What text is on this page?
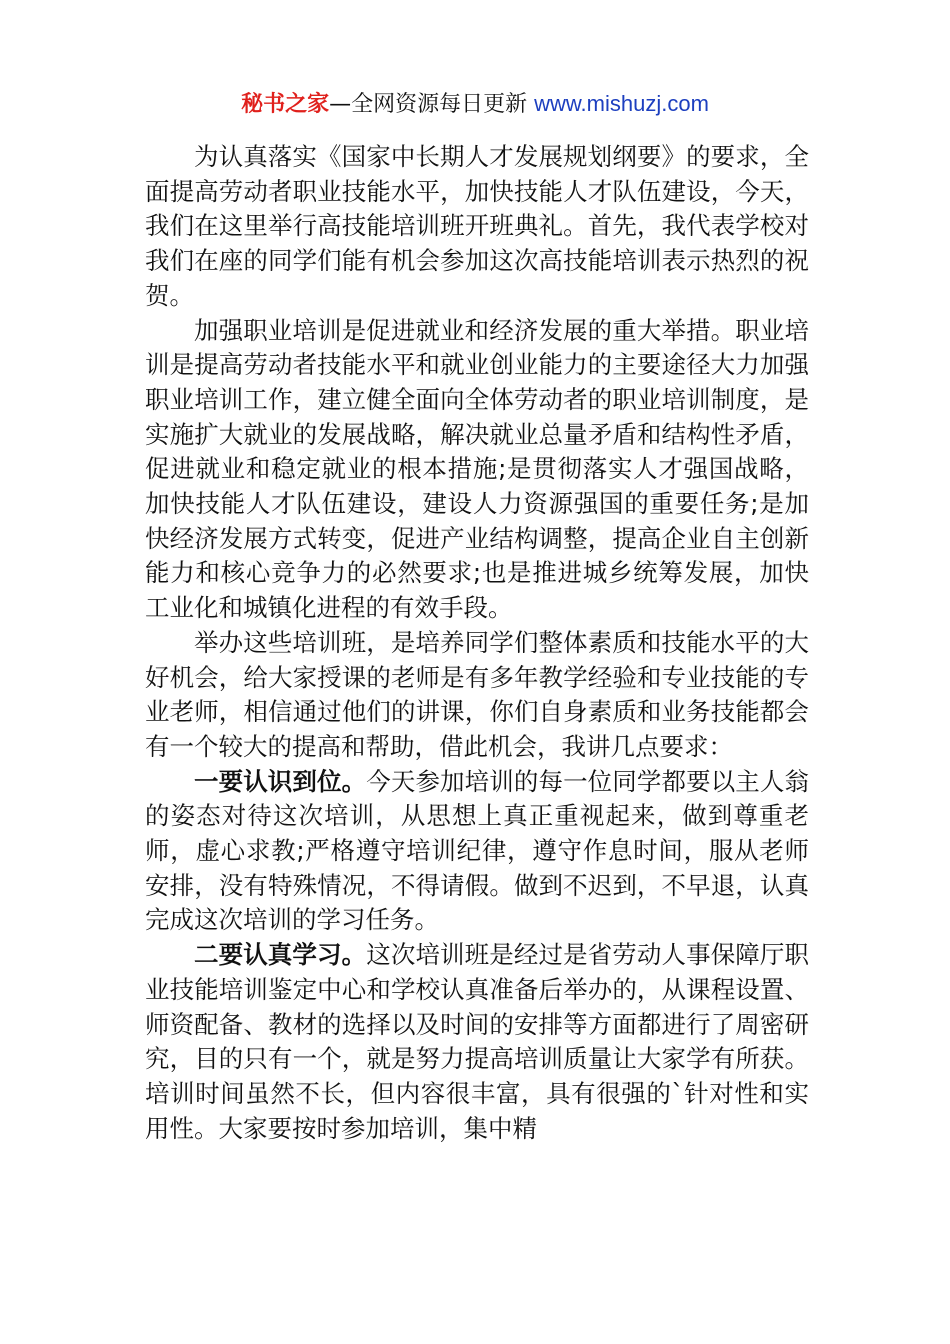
秘书之家—全网资源每日更新 www.mishuzj.com

为认真落实《国家中长期人才发展规划纲要》的要求，全面提高劳动者职业技能水平，加快技能人才队伍建设，今天，我们在这里举行高技能培训班开班典礼。首先，我代表学校对我们在座的同学们能有机会参加这次高技能培训表示热烈的祝贺。

加强职业培训是促进就业和经济发展的重大举措。职业培训是提高劳动者技能水平和就业创业能力的主要途径大力加强职业培训工作，建立健全面向全体劳动者的职业培训制度，是实施扩大就业的发展战略，解决就业总量矛盾和结构性矛盾，促进就业和稳定就业的根本措施;是贯彻落实人才强国战略，加快技能人才队伍建设，建设人力资源强国的重要任务;是加快经济发展方式转变，促进产业结构调整，提高企业自主创新能力和核心竞争力的必然要求;也是推进城乡统筹发展，加快工业化和城镇化进程的有效手段。

举办这些培训班，是培养同学们整体素质和技能水平的大好机会，给大家授课的老师是有多年教学经验和专业技能的专业老师，相信通过他们的讲课，你们自身素质和业务技能都会有一个较大的提高和帮助，借此机会，我讲几点要求：

一要认识到位。今天参加培训的每一位同学都要以主人翁的姿态对待这次培训，从思想上真正重视起来，做到尊重老师，虚心求教;严格遵守培训纪律，遵守作息时间，服从老师安排，没有特殊情况，不得请假。做到不迟到，不早退，认真完成这次培训的学习任务。

二要认真学习。这次培训班是经过是省劳动人事保障厅职业技能培训鉴定中心和学校认真准备后举办的，从课程设置、师资配备、教材的选择以及时间的安排等方面都进行了周密研究，目的只有一个，就是努力提高培训质量让大家学有所获。培训时间虽然不长，但内容很丰富，具有很强的`针对性和实用性。大家要按时参加培训，集中精
